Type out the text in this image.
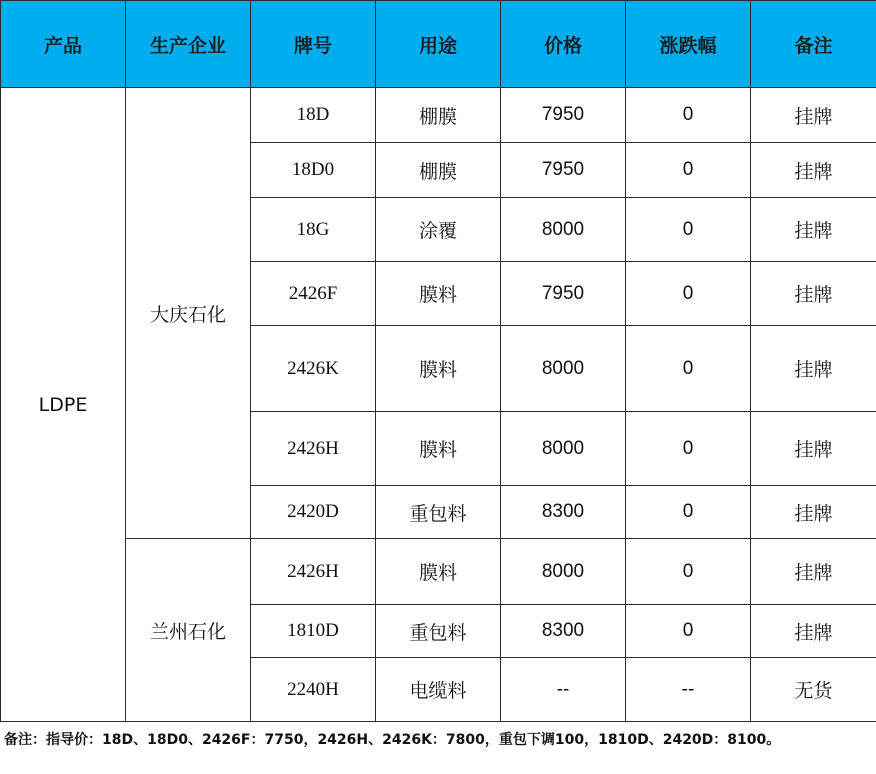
产品	生产企业	牌号	用途	价格	涨跌幅	备注
LDPE	大庆石化	18D	棚膜	7950	0	挂牌
		18D0	棚膜	7950	0	挂牌
		18G	涂覆	8000	0	挂牌
		2426F	膜料	7950	0	挂牌
		2426K	膜料	8000	0	挂牌
		2426H	膜料	8000	0	挂牌
		2420D	重包料	8300	0	挂牌
	兰州石化	2426H	膜料	8000	0	挂牌
		1810D	重包料	8300	0	挂牌
		2240H	电缆料	--	--	无货
备注：指导价：18D、18D0、2426F：7750，2426H、2426K：7800，重包下调100，1810D、2420D：8100。
